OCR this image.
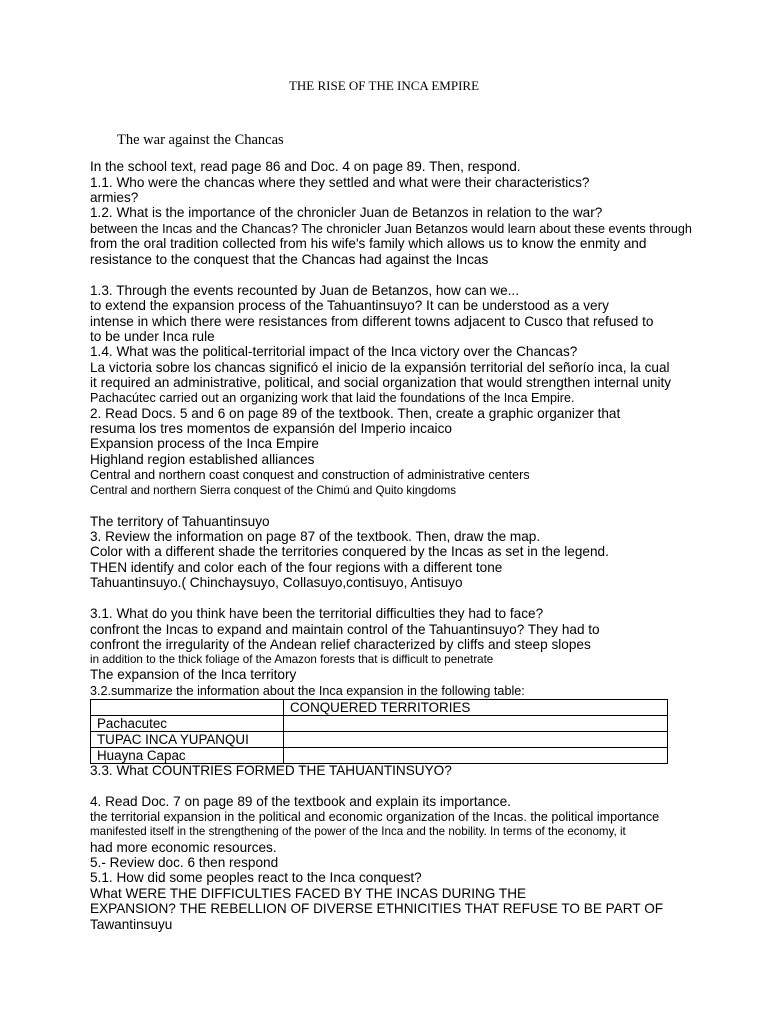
THE RISE OF THE INCA EMPIRE
The war against the Chancas
In the school text, read page 86 and Doc. 4 on page 89. Then, respond.
1.1. Who were the chancas where they settled and what were their characteristics?
armies?
1.2. What is the importance of the chronicler Juan de Betanzos in relation to the war?
between the Incas and the Chancas? The chronicler Juan Betanzos would learn about these events through
from the oral tradition collected from his wife's family which allows us to know the enmity and
resistance to the conquest that the Chancas had against the Incas
1.3. Through the events recounted by Juan de Betanzos, how can we...
to extend the expansion process of the Tahuantinsuyo? It can be understood as a very
intense in which there were resistances from different towns adjacent to Cusco that refused to
to be under Inca rule
1.4. What was the political-territorial impact of the Inca victory over the Chancas?
La victoria sobre los chancas significó el inicio de la expansión territorial del señorío inca, la cual
it required an administrative, political, and social organization that would strengthen internal unity
Pachacútec carried out an organizing work that laid the foundations of the Inca Empire.
2. Read Docs. 5 and 6 on page 89 of the textbook. Then, create a graphic organizer that
resuma los tres momentos de expansión del Imperio incaico
Expansion process of the Inca Empire
Highland region established alliances
Central and northern coast conquest and construction of administrative centers
Central and northern Sierra conquest of the Chimú and Quito kingdoms
The territory of Tahuantinsuyo
3. Review the information on page 87 of the textbook. Then, draw the map.
Color with a different shade the territories conquered by the Incas as set in the legend.
THEN identify and color each of the four regions with a different tone
Tahuantinsuyo.( Chinchaysuyo, Collasuyo,contisuyo, Antisuyo
3.1. What do you think have been the territorial difficulties they had to face?
confront the Incas to expand and maintain control of the Tahuantinsuyo? They had to
confront the irregularity of the Andean relief characterized by cliffs and steep slopes
in addition to the thick foliage of the Amazon forests that is difficult to penetrate
The expansion of the Inca territory
3.2.summarize the information about the Inca expansion in the following table:
	CONQUERED TERRITORIES
Pachacutec	
TUPAC INCA YUPANQUI	
Huayna Capac	
3.3. What COUNTRIES FORMED THE TAHUANTINSUYO?
4. Read Doc. 7 on page 89 of the textbook and explain its importance.
the territorial expansion in the political and economic organization of the Incas. the political importance
manifested itself in the strengthening of the power of the Inca and the nobility. In terms of the economy, it
had more economic resources.
5.- Review doc. 6 then respond
5.1. How did some peoples react to the Inca conquest?
What WERE THE DIFFICULTIES FACED BY THE INCAS DURING THE
EXPANSION? THE REBELLION OF DIVERSE ETHNICITIES THAT REFUSE TO BE PART OF
Tawantinsuyu
